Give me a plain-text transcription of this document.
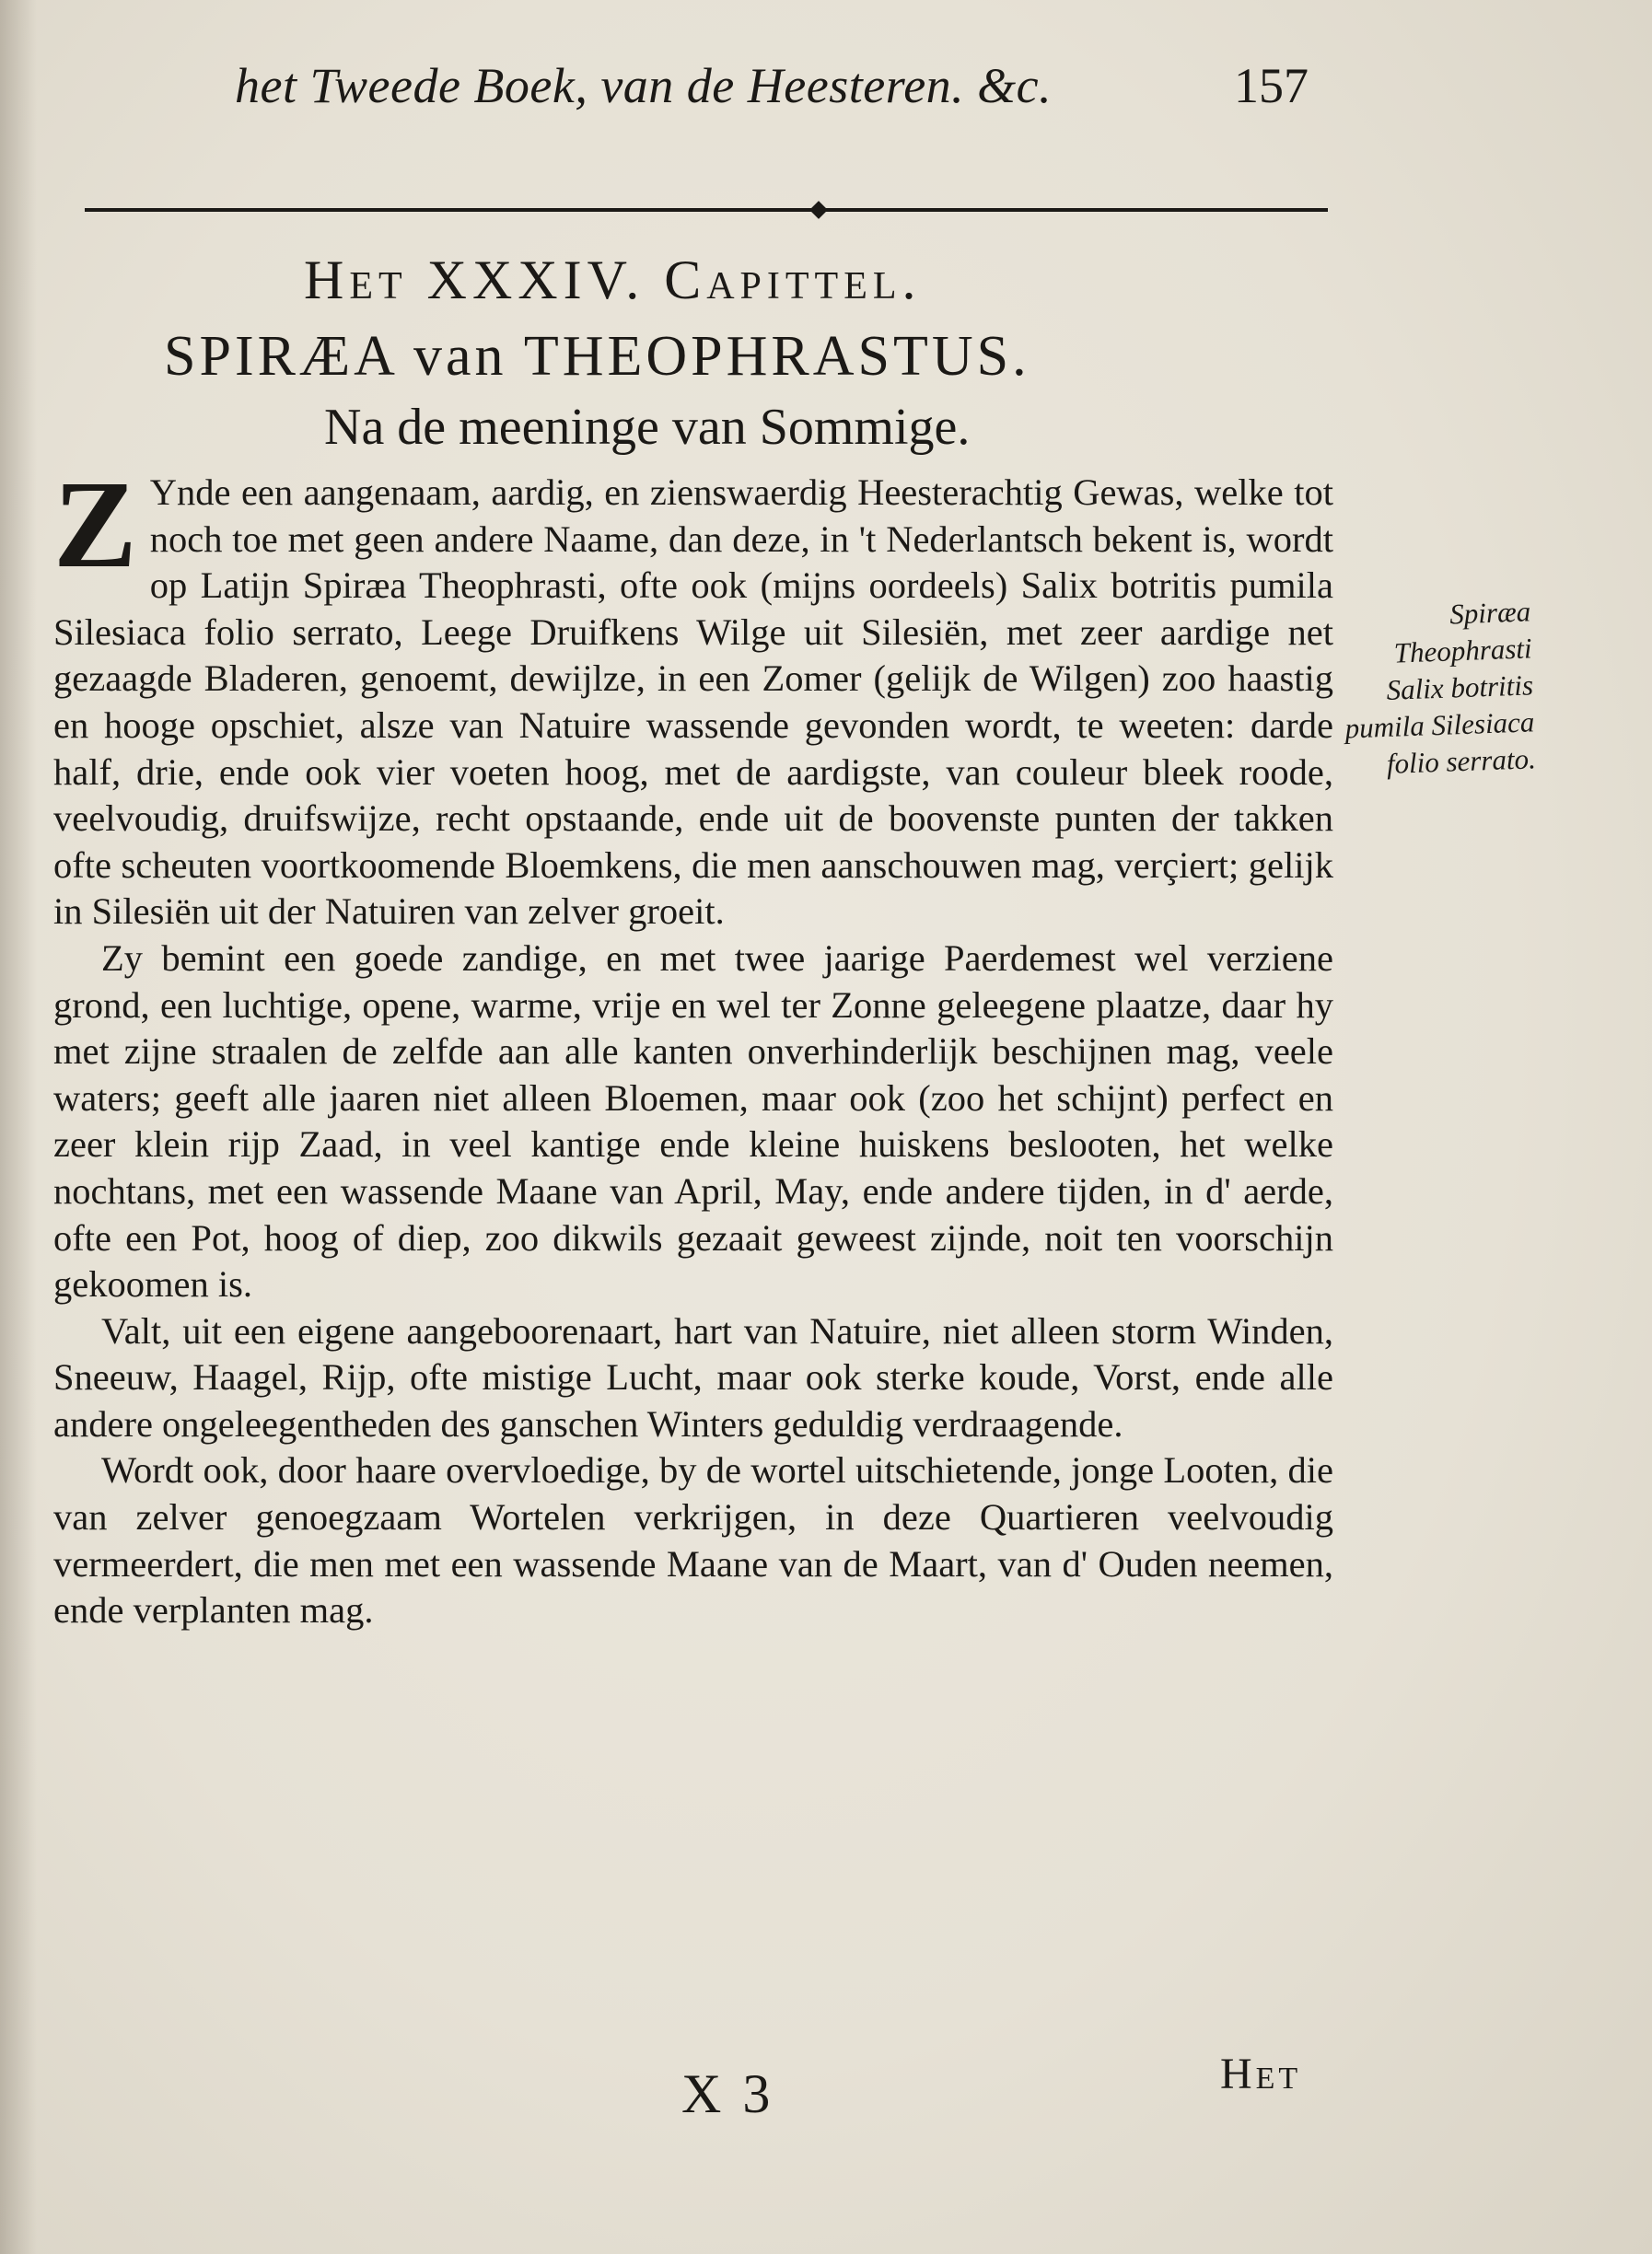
het Tweede Boek, van de Heesteren. &c.	157
Het XXXIV. Capittel.
SPIRÆA van THEOPHRASTUS.
Na de meeninge van Sommige.

Z Ynde een aangenaam, aardig, en zienswaerdig Heesterachtig Gewas, welke tot noch toe met geen andere Naame, dan deze, in 't Nederlantsch bekent is, wordt op Latijn Spiræa Theophrasti, ofte ook (mijns oordeels) Salix botritis pumila Silesiaca folio serrato, Leege Druifkens Wilge uit Silesiën, met zeer aardige net gezaagde Bladeren, genoemt, dewijlze, in een Zomer (gelijk de Wilgen) zoo haastig en hooge opschiet, alsze van Natuire wassende gevonden wordt, te weeten: darde half, drie, ende ook vier voeten hoog, met de aardigste, van couleur bleek roode, veelvoudig, druifswijze, recht opstaande, ende uit de boovenste punten der takken ofte scheuten voortkoomende Bloemkens, die men aanschouwen mag, verçiert; gelijk in Silesiën uit der Natuiren van zelver groeit.

Zy bemint een goede zandige, en met twee jaarige Paerdemest wel verziene grond, een luchtige, opene, warme, vrije en wel ter Zonne geleegene plaatze, daar hy met zijne straalen de zelfde aan alle kanten onverhinderlijk beschijnen mag, veele waters; geeft alle jaaren niet alleen Bloemen, maar ook (zoo het schijnt) perfect en zeer klein rijp Zaad, in veel kantige ende kleine huiskens beslooten, het welke nochtans, met een wassende Maane van April, May, ende andere tijden, in d' aerde, ofte een Pot, hoog of diep, zoo dikwils gezaait geweest zijnde, noit ten voorschijn gekoomen is.

Valt, uit een eigene aangeboorenaart, hart van Natuire, niet alleen storm Winden, Sneeuw, Haagel, Rijp, ofte mistige Lucht, maar ook sterke koude, Vorst, ende alle andere ongeleegentheden des ganschen Winters geduldig verdraagende.

Wordt ook, door haare overvloedige, by de wortel uitschietende, jonge Looten, die van zelver genoegzaam Wortelen verkrijgen, in deze Quartieren veelvoudig vermeerdert, die men met een wassende Maane van de Maart, van d' Ouden neemen, ende verplanten mag.

Spiræa Theophrasti Salix botritis pumila Silesiaca folio serrato.
X 3	Het
